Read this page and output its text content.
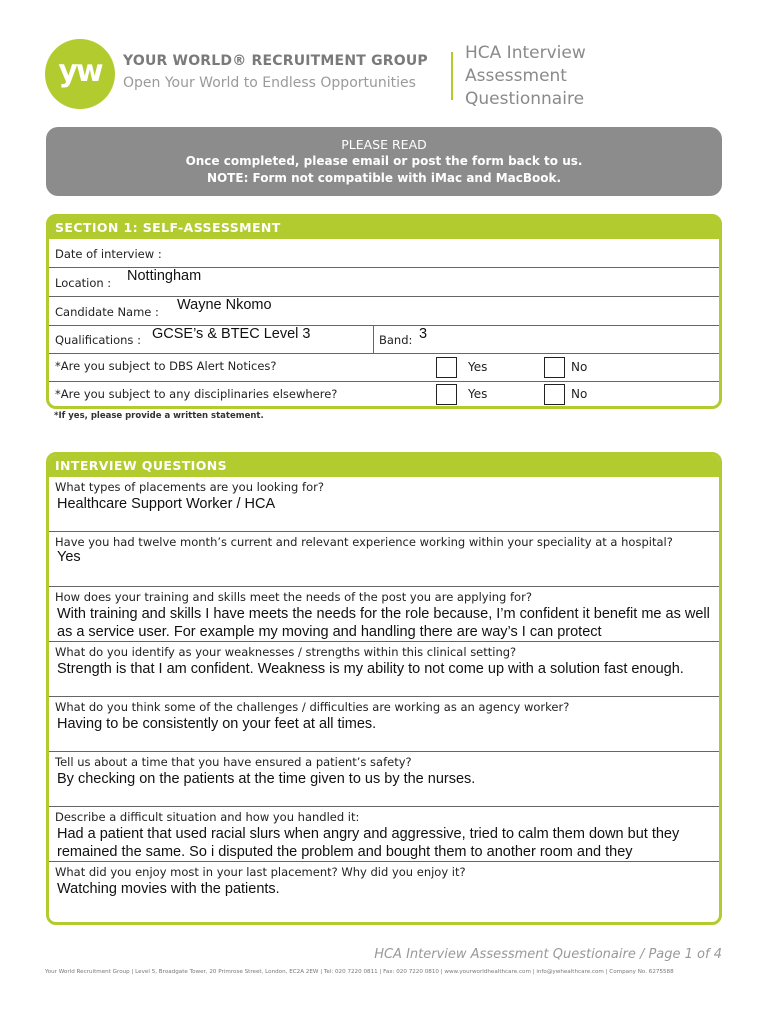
yw	YOUR WORLD® RECRUITMENT GROUP
Open Your World to Endless Opportunities
HCA Interview
Assessment
Questionnaire
PLEASE READ
Once completed, please email or post the form back to us.
NOTE: Form not compatible with iMac and MacBook.
SECTION 1: SELF-ASSESSMENT
Date of interview :
Location : Nottingham
Candidate Name : Wayne Nkomo
Qualifications : GCSE’s & BTEC Level 3	Band: 3
*Are you subject to DBS Alert Notices?	Yes	No
*Are you subject to any disciplinaries elsewhere?	Yes	No
*If yes, please provide a written statement.
INTERVIEW QUESTIONS
What types of placements are you looking for?
Healthcare Support Worker / HCA
Have you had twelve month’s current and relevant experience working within your speciality at a hospital?
Yes
How does your training and skills meet the needs of the post you are applying for?
With training and skills I have meets the needs for the role because, I’m confident it benefit me as well as a service user. For example my moving and handling there are way’s I can protect
What do you identify as your weaknesses / strengths within this clinical setting?
Strength is that I am confident. Weakness is my ability to not come up with a solution fast enough.
What do you think some of the challenges / difficulties are working as an agency worker?
Having to be consistently on your feet at all times.
Tell us about a time that you have ensured a patient’s safety?
By checking on the patients at the time given to us by the nurses.
Describe a difficult situation and how you handled it:
Had a patient that used racial slurs when angry and aggressive, tried to calm them down but they remained the same. So i disputed the problem and bought them to another room and they
What did you enjoy most in your last placement? Why did you enjoy it?
Watching movies with the patients.
HCA Interview Assessment Questionaire / Page 1 of 4
Your World Recruitment Group | Level 5, Broadgate Tower, 20 Primrose Street, London, EC2A 2EW | Tel: 020 7220 0811 | Fax: 020 7220 0810 | www.yourworldhealthcare.com | info@ywhealthcare.com | Company No. 6275588
